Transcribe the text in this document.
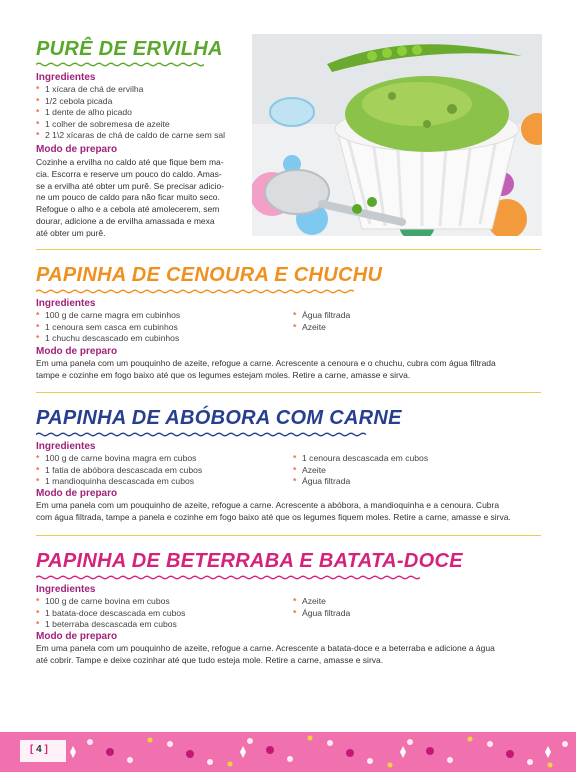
PURÊ DE ERVILHA

Ingredientes

* 1 xícara de chá de ervilha
* 1/2 cebola picada
* 1 dente de alho picado
* 1 colher de sobremesa de azeite
* 2 1\2 xícaras de chá de caldo de carne sem sal

Modo de preparo

Cozinhe a ervilha no caldo até que fique bem ma-
cia. Escorra e reserve um pouco do caldo. Amas-
se a ervilha até obter um purê. Se precisar adicio-
ne um pouco de caldo para não ficar muito seco.
Refogue o alho e a cebola até amolecerem, sem
dourar, adicione a de ervilha amassada e mexa
até obter um purê.
PAPINHA DE CENOURA E CHUCHU

Ingredientes

* 100 g de carne magra em cubinhos
* 1 cenoura sem casca em cubinhos
* 1 chuchu descascado em cubinhos
* Água filtrada
* Azeite

Modo de preparo

Em uma panela com um pouquinho de azeite, refogue a carne. Acrescente a cenoura e o chuchu, cubra com água filtrada
tampe e cozinhe em fogo baixo até que os legumes estejam moles. Retire a carne, amasse e sirva.
PAPINHA DE ABÓBORA COM CARNE

Ingredientes

* 100 g de carne bovina magra em cubos
* 1 fatia de abóbora descascada em cubos
* 1 mandioquinha descascada em cubos
* 1 cenoura descascada em cubos
* Azeite
* Água filtrada

Modo de preparo

Em uma panela com um pouquinho de azeite, refogue a carne. Acrescente a abóbora, a mandioquinha e a cenoura. Cubra
com água filtrada, tampe a panela e cozinhe em fogo baixo até que os legumes fiquem moles. Retire a carne, amasse e sirva.
PAPINHA DE BETERRABA E BATATA-DOCE

Ingredientes

* 100 g de carne bovina em cubos
* 1 batata-doce descascada em cubos
* 1 beterraba descascada em cubos
* Azeite
* Água filtrada

Modo de preparo

Em uma panela com um pouquinho de azeite, refogue a carne. Acrescente a batata-doce e a beterraba e adicione a água
até cobrir. Tampe e deixe cozinhar até que tudo esteja mole. Retire a carne, amasse e sirva.
[ 4 ]
